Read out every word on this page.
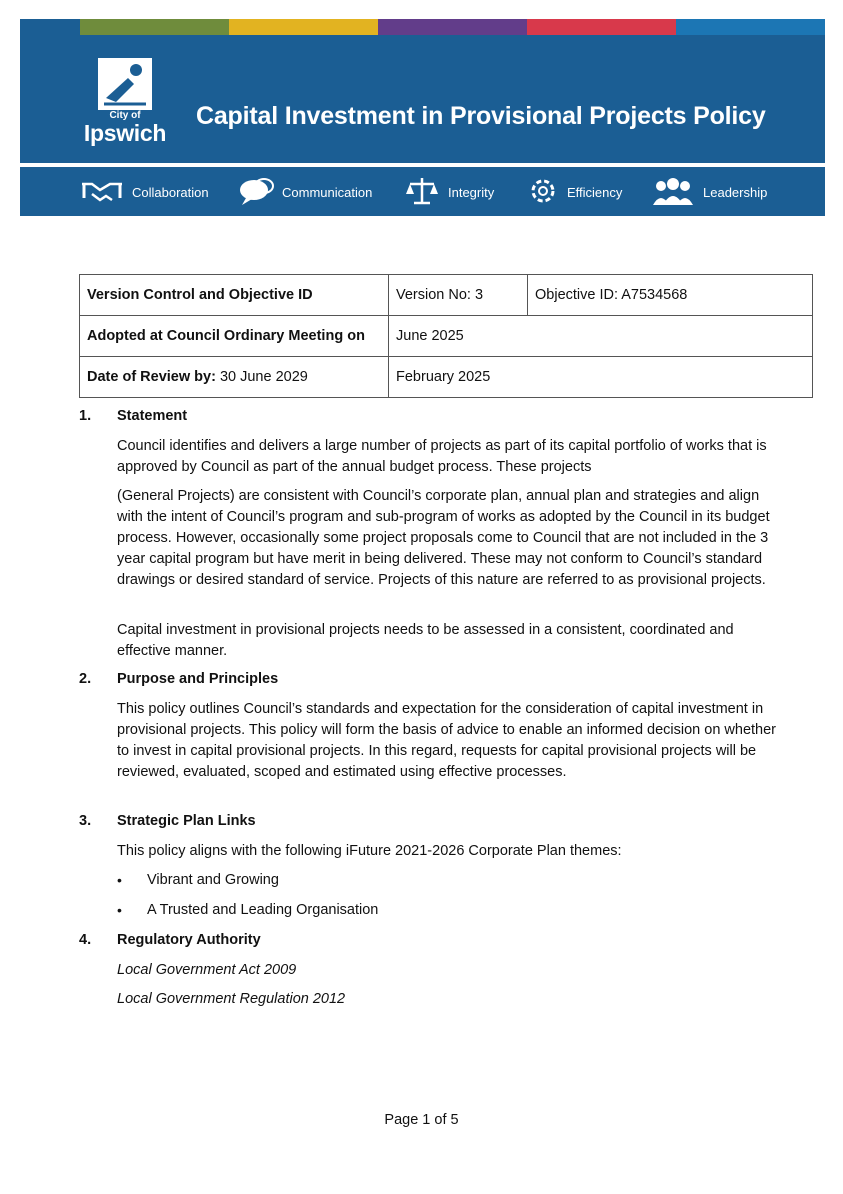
City of
Ipswich
Capital Investment in Provisional Projects Policy
Collaboration	Communication	Integrity	Efficiency	Leadership
Version Control and Objective ID	Version No: 3	Objective ID: A7534568
Adopted at Council Ordinary Meeting on	June 2025	
Date of Review by: 30 June 2029	February 2025	
1. Statement

Council identifies and delivers a large number of projects as part of its capital portfolio of works that is approved by Council as part of the annual budget process. These projects

(General Projects) are consistent with Council’s corporate plan, annual plan and strategies and align with the intent of Council’s program and sub-program of works as adopted by the Council in its budget process. However, occasionally some project proposals come to Council that are not included in the 3 year capital program but have merit in being delivered. These may not conform to Council’s standard drawings or desired standard of service. Projects of this nature are referred to as provisional projects.

Capital investment in provisional projects needs to be assessed in a consistent, coordinated and effective manner.

2. Purpose and Principles

This policy outlines Council’s standards and expectation for the consideration of capital investment in provisional projects. This policy will form the basis of advice to enable an informed decision on whether to invest in capital provisional projects. In this regard, requests for capital provisional projects will be reviewed, evaluated, scoped and estimated using effective processes.

3. Strategic Plan Links

This policy aligns with the following iFuture 2021-2026 Corporate Plan themes:

• Vibrant and Growing
• A Trusted and Leading Organisation
4. Regulatory Authority
Local Government Act 2009
Local Government Regulation 2012
Page 1 of 5
